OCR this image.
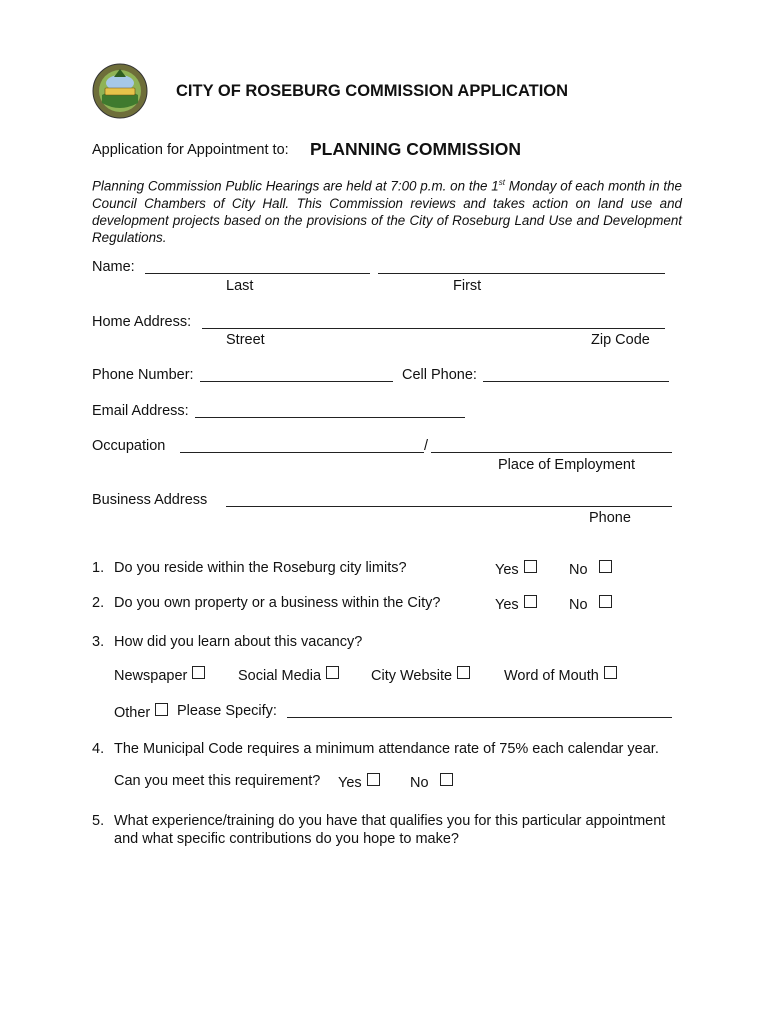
CITY OF ROSEBURG COMMISSION APPLICATION
Application for Appointment to: PLANNING COMMISSION
Planning Commission Public Hearings are held at 7:00 p.m. on the 1st Monday of each month in the Council Chambers of City Hall. This Commission reviews and takes action on land use and development projects based on the provisions of the City of Roseburg Land Use and Development Regulations.
Name:
Last	First
Home Address:
Street	Zip Code
Phone Number:	Cell Phone:
Email Address:
Occupation	/
Place of Employment
Business Address
Phone
1. Do you reside within the Roseburg city limits?	Yes	No
2. Do you own property or a business within the City?	Yes	No
3. How did you learn about this vacancy?
Newspaper	Social Media	City Website	Word of Mouth
Other	Please Specify:
4. The Municipal Code requires a minimum attendance rate of 75% each calendar year.
Can you meet this requirement? Yes	No
5. What experience/training do you have that qualifies you for this particular appointment and what specific contributions do you hope to make?
